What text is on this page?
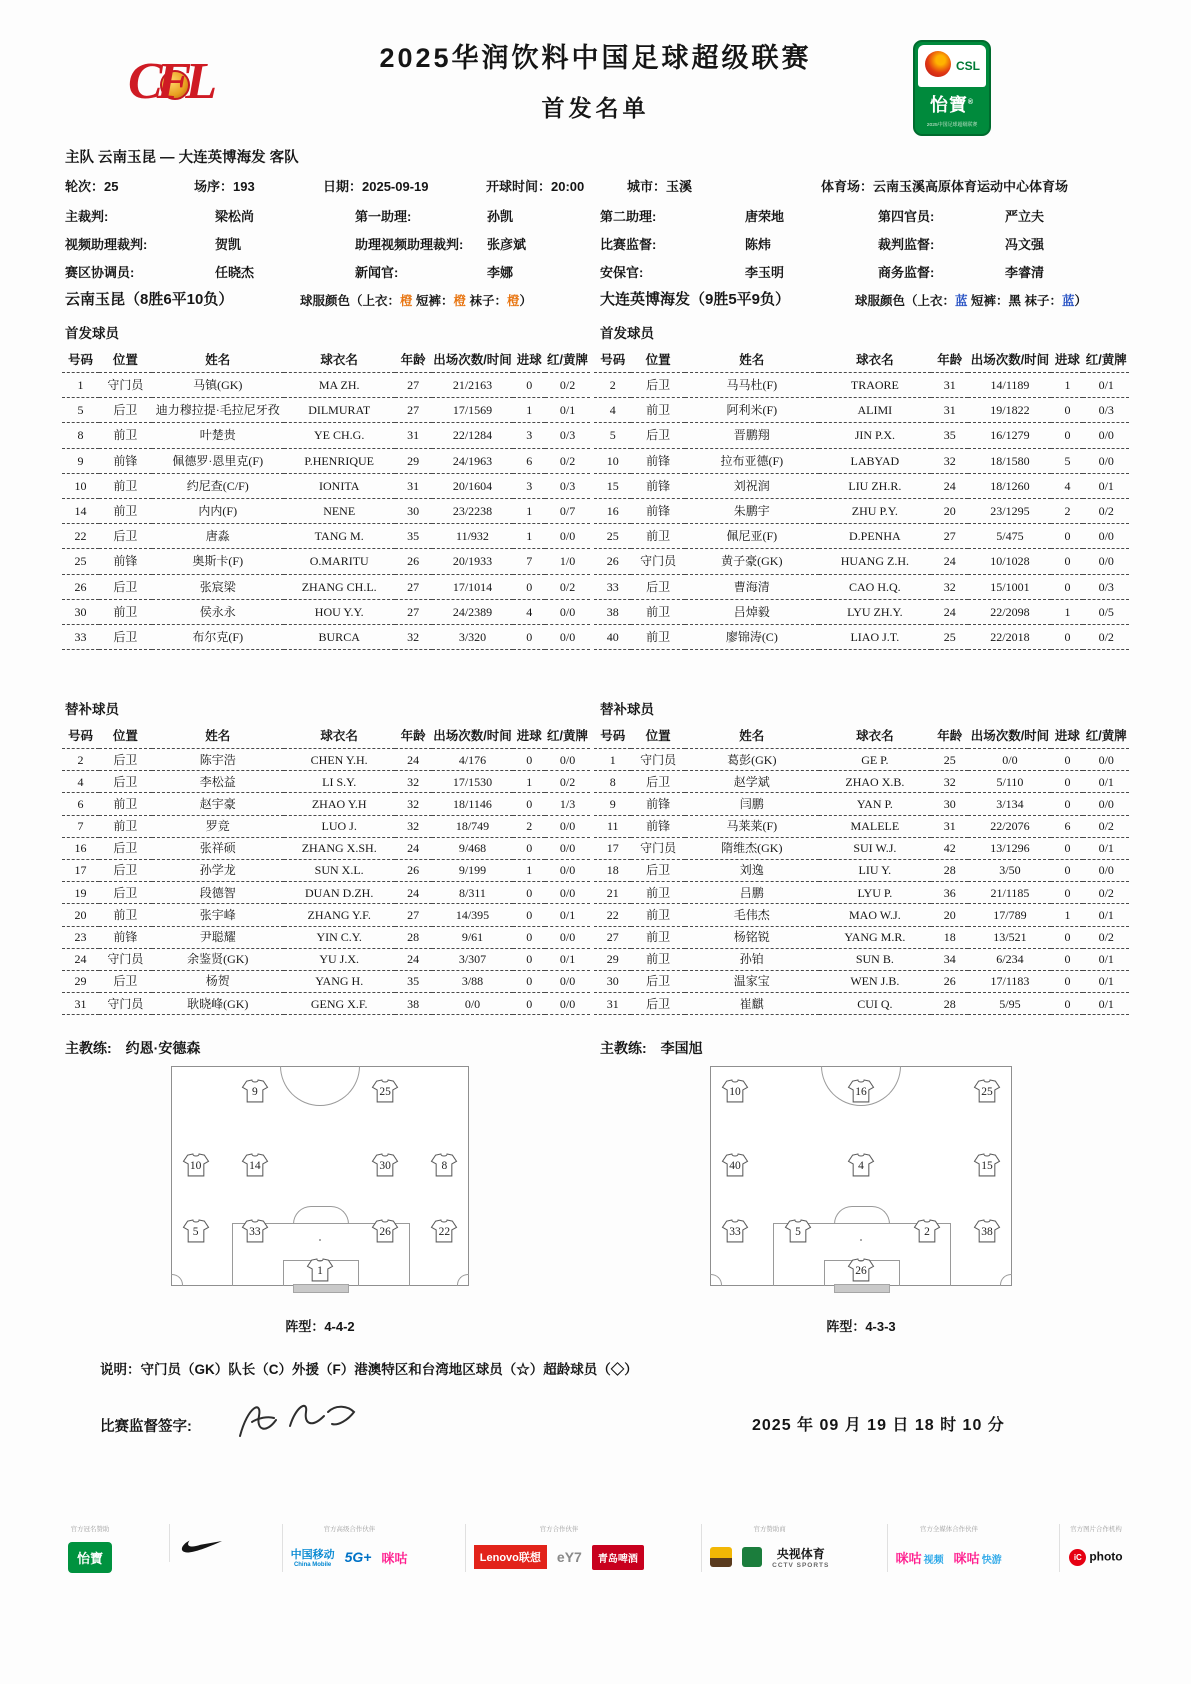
CFL	2025华润饮料中国足球超级联赛
首发名单
CSL
怡寶®
2025中国足球超级联赛
主队 云南玉昆 — 大连英博海发 客队
轮次：25	场序：193	日期：2025-09-19	开球时间：20:00	城市：玉溪	体育场：云南玉溪高原体育运动中心体育场
主裁判:	梁松尚	第一助理:	孙凯	第二助理:	唐荣地	第四官员:	严立夫
视频助理裁判:	贺凯	助理视频助理裁判: 张彦斌	比赛监督:	陈炜	裁判监督:	冯文强
赛区协调员:	任晓杰	新闻官:	李娜	安保官:	李玉明	商务监督:	李睿清
云南玉昆（8胜6平10负）	球服颜色（上衣：橙 短裤：橙 袜子：橙）	大连英博海发（9胜5平9负）	球服颜色（上衣：蓝 短裤：黑 袜子：蓝）
首发球员	首发球员
号码	位置	姓名	球衣名	年龄	出场次数/时间	进球	红/黄牌
1	守门员	马镇(GK)	MA ZH.	27	21/2163	0	0/2
5	后卫	迪力穆拉提·毛拉尼牙孜	DILMURAT	27	17/1569	1	0/1
8	前卫	叶楚贵	YE CH.G.	31	22/1284	3	0/3
9	前锋	佩德罗·恩里克(F)	P.HENRIQUE	29	24/1963	6	0/2
10	前卫	约尼查(C/F)	IONITA	31	20/1604	3	0/3
14	前卫	内内(F)	NENE	30	23/2238	1	0/7
22	后卫	唐淼	TANG M.	35	11/932	1	0/0
25	前锋	奥斯卡(F)	O.MARITU	26	20/1933	7	1/0
26	后卫	张宸梁	ZHANG CH.L.	27	17/1014	0	0/2
30	前卫	侯永永	HOU Y.Y.	27	24/2389	4	0/0
33	后卫	布尔克(F)	BURCA	32	3/320	0	0/0
号码	位置	姓名	球衣名	年龄	出场次数/时间	进球	红/黄牌
2	后卫	马马杜(F)	TRAORE	31	14/1189	1	0/1
4	前卫	阿利米(F)	ALIMI	31	19/1822	0	0/3
5	后卫	晋鹏翔	JIN P.X.	35	16/1279	0	0/0
10	前锋	拉布亚德(F)	LABYAD	32	18/1580	5	0/0
15	前锋	刘祝润	LIU ZH.R.	24	18/1260	4	0/1
16	前锋	朱鹏宇	ZHU P.Y.	20	23/1295	2	0/2
25	前卫	佩尼亚(F)	D.PENHA	27	5/475	0	0/0
26	守门员	黄子豪(GK)	HUANG Z.H.	24	10/1028	0	0/0
33	后卫	曹海清	CAO H.Q.	32	15/1001	0	0/3
38	前卫	吕焯毅	LYU ZH.Y.	24	22/2098	1	0/5
40	前卫	廖锦涛(C)	LIAO J.T.	25	22/2018	0	0/2
替补球员	替补球员
号码	位置	姓名	球衣名	年龄	出场次数/时间	进球	红/黄牌
2	后卫	陈宇浩	CHEN Y.H.	24	4/176	0	0/0
4	后卫	李松益	LI S.Y.	32	17/1530	1	0/2
6	前卫	赵宇豪	ZHAO Y.H	32	18/1146	0	1/3
7	前卫	罗竞	LUO J.	32	18/749	2	0/0
16	后卫	张祥硕	ZHANG X.SH.	24	9/468	0	0/0
17	后卫	孙学龙	SUN X.L.	26	9/199	1	0/0
19	后卫	段德智	DUAN D.ZH.	24	8/311	0	0/0
20	前卫	张宇峰	ZHANG Y.F.	27	14/395	0	0/1
23	前锋	尹聪耀	YIN C.Y.	28	9/61	0	0/0
24	守门员	余鉴贤(GK)	YU J.X.	24	3/307	0	0/1
29	后卫	杨贺	YANG H.	35	3/88	0	0/0
31	守门员	耿晓峰(GK)	GENG X.F.	38	0/0	0	0/0
号码	位置	姓名	球衣名	年龄	出场次数/时间	进球	红/黄牌
1	守门员	葛彭(GK)	GE P.	25	0/0	0	0/0
8	后卫	赵学斌	ZHAO X.B.	32	5/110	0	0/1
9	前锋	闫鹏	YAN P.	30	3/134	0	0/0
11	前锋	马莱莱(F)	MALELE	31	22/2076	6	0/2
17	守门员	隋维杰(GK)	SUI W.J.	42	13/1296	0	0/1
18	后卫	刘逸	LIU Y.	28	3/50	0	0/0
21	前卫	吕鹏	LYU P.	36	21/1185	0	0/2
22	前卫	毛伟杰	MAO W.J.	20	17/789	1	0/1
27	前卫	杨铭锐	YANG M.R.	18	13/521	0	0/2
29	前卫	孙铂	SUN B.	34	6/234	0	0/1
30	后卫	温家宝	WEN J.B.	26	17/1183	0	0/1
31	后卫	崔麒	CUI Q.	28	5/95	0	0/1
主教练: 约恩·安德森	主教练: 李国旭
9	25
10	14	30	8
5	33	26	22
1
10	16	25
40	4	15
33	5	2	38
26
阵型：4-4-2	阵型：4-3-3
说明：守门员（GK）队长（C）外援（F）港澳特区和台湾地区球员（☆）超龄球员（◇）
比赛监督签字:	2025 年 09 月 19 日 18 时 10 分
官方冠名赞助
怡寶
官方高级合作伙伴
中国移动
China Mobile 5G+ 咪咕
官方合作伙伴
Lenovo联想	eY7	青岛啤酒
官方赞助商
央视体育
CCTV SPORTS
官方全媒体合作伙伴
咪咕 视频 咪咕 快游
官方图片合作机构
iC photo
